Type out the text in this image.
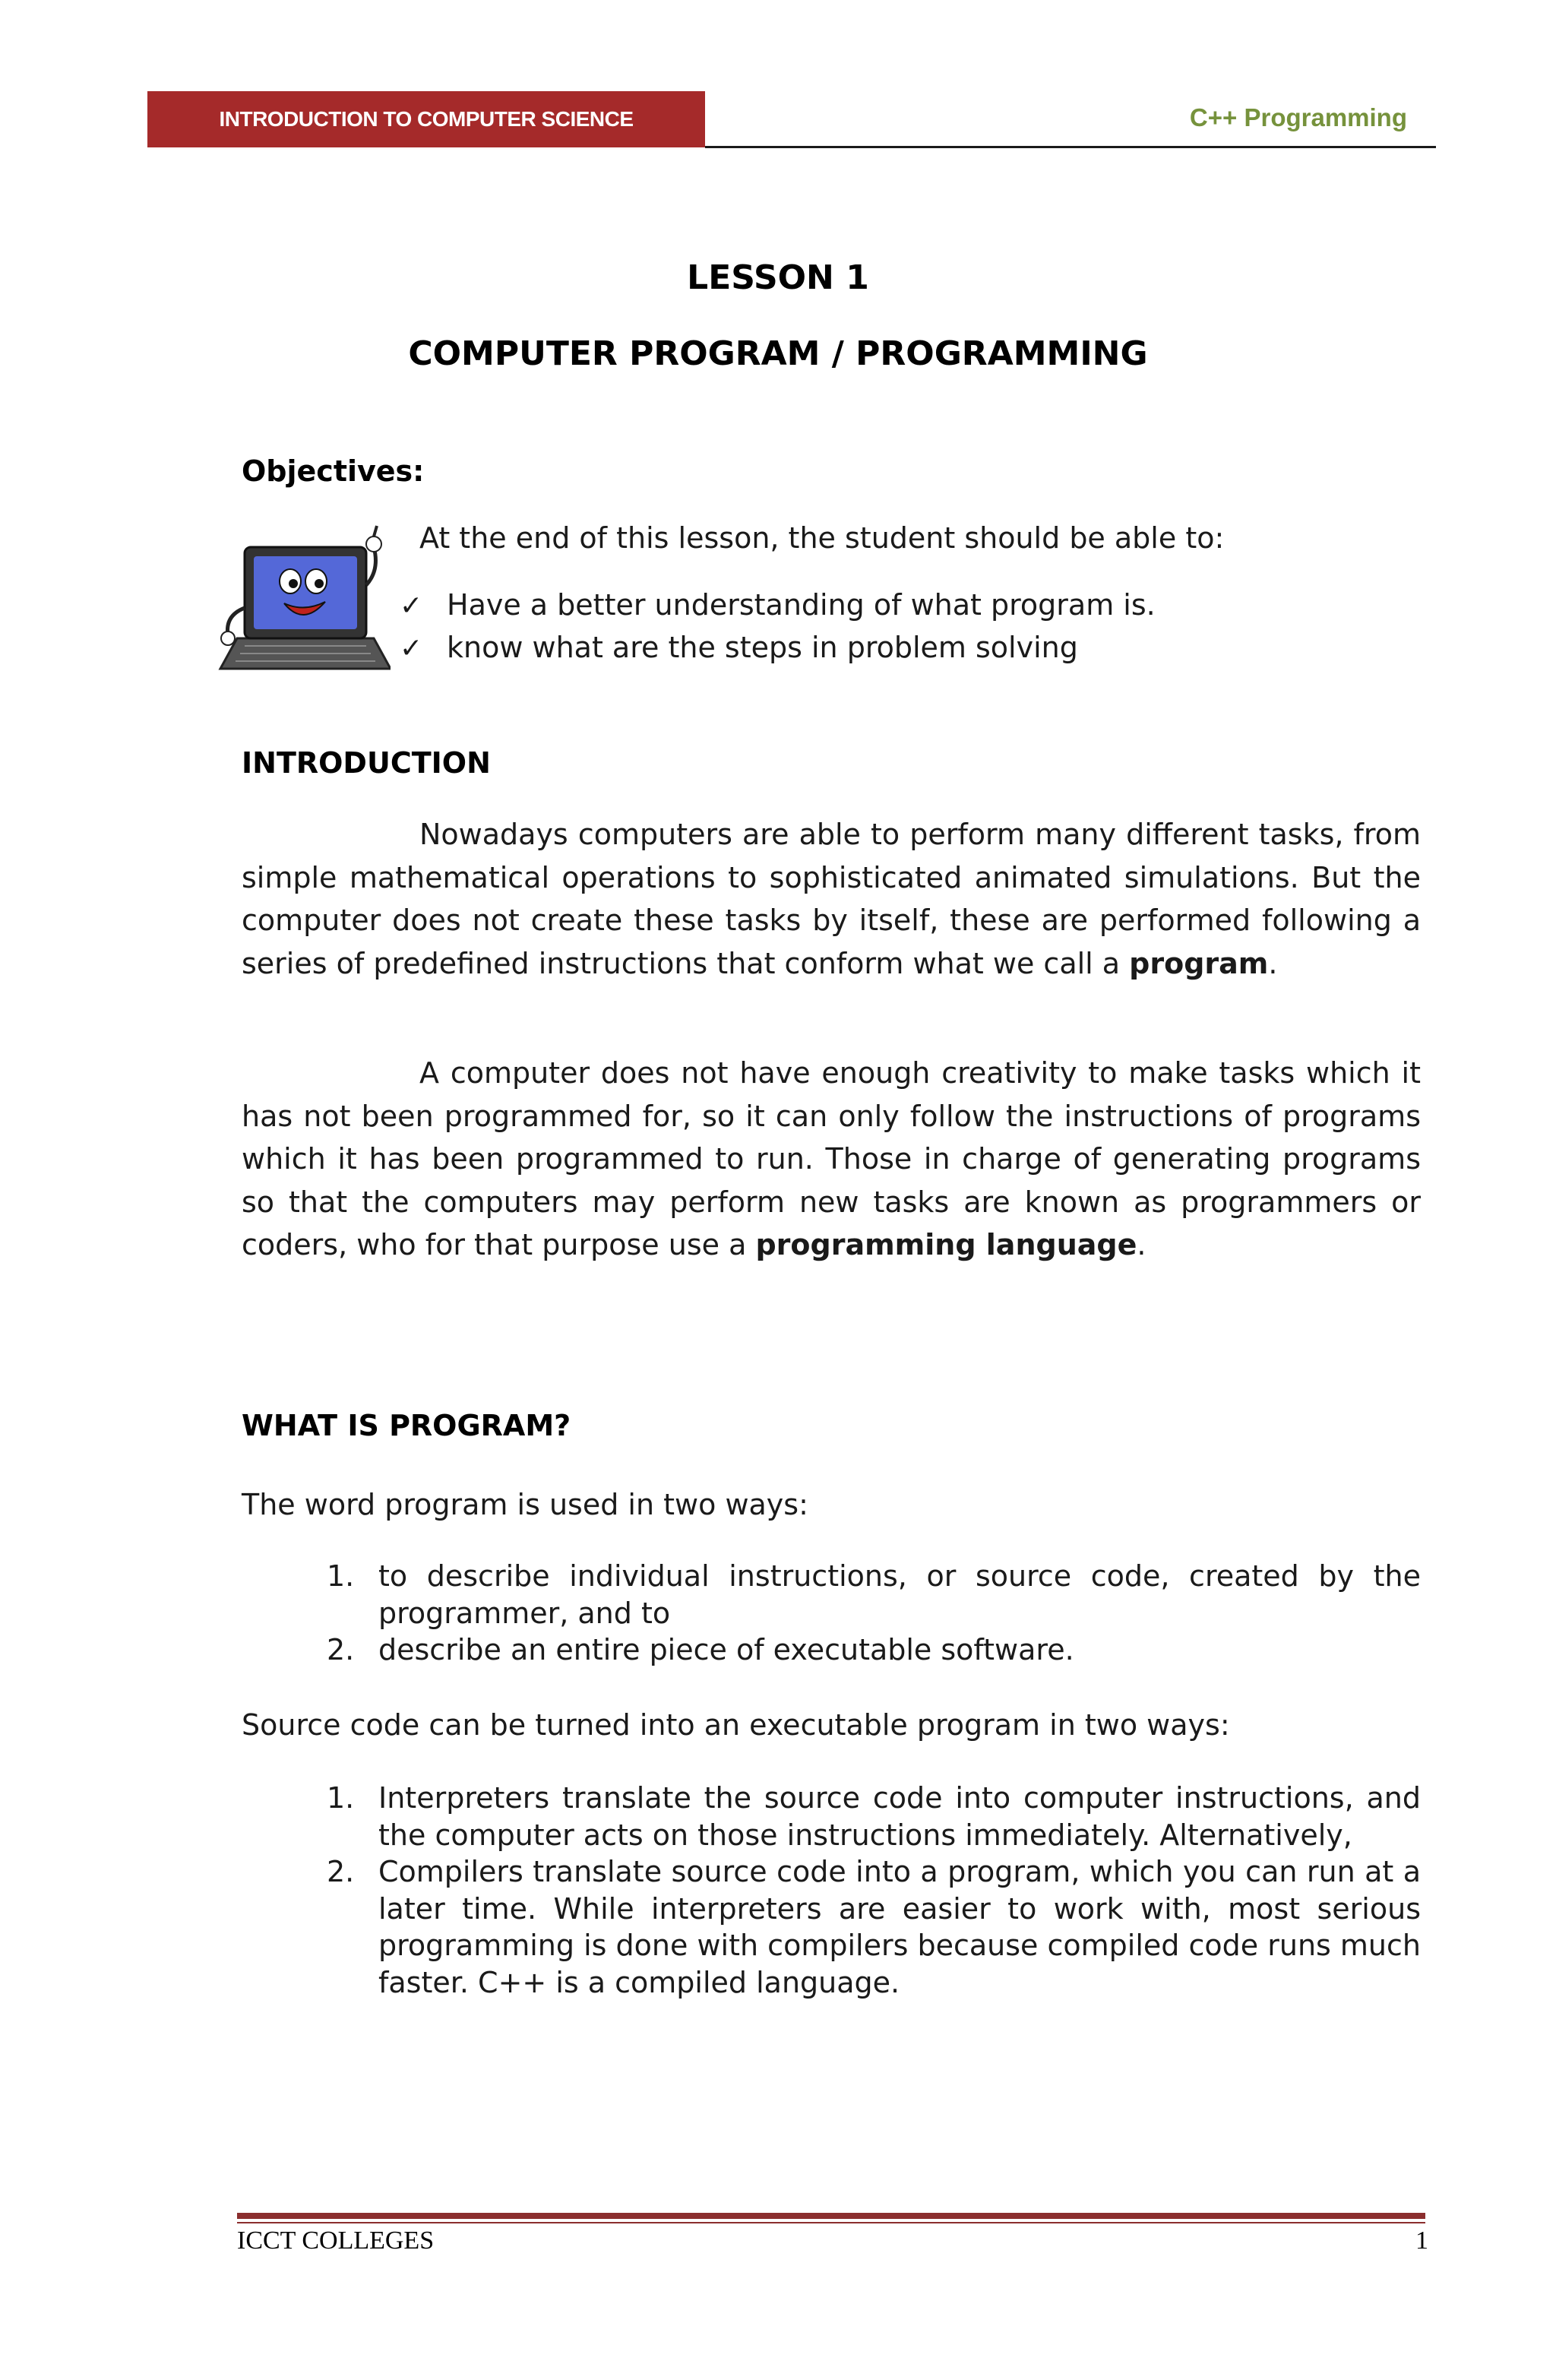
INTRODUCTION TO COMPUTER SCIENCE	C++ Programming
LESSON 1
COMPUTER PROGRAM / PROGRAMMING
Objectives:
At the end of this lesson, the student should be able to:
✓ Have a better understanding of what program is.
✓ know what are the steps in problem solving
INTRODUCTION
Nowadays computers are able to perform many different tasks, from simple mathematical operations to sophisticated animated simulations. But the computer does not create these tasks by itself, these are performed following a series of predefined instructions that conform what we call a program.
A computer does not have enough creativity to make tasks which it has not been programmed for, so it can only follow the instructions of programs which it has been programmed to run. Those in charge of generating programs so that the computers may perform new tasks are known as programmers or coders, who for that purpose use a programming language.
WHAT IS PROGRAM?
The word program is used in two ways:
1. to describe individual instructions, or source code, created by the programmer, and to
2. describe an entire piece of executable software.
Source code can be turned into an executable program in two ways:
1. Interpreters translate the source code into computer instructions, and the computer acts on those instructions immediately. Alternatively,
2. Compilers translate source code into a program, which you can run at a later time. While interpreters are easier to work with, most serious programming is done with compilers because compiled code runs much faster. C++ is a compiled language.
ICCT COLLEGES	1
